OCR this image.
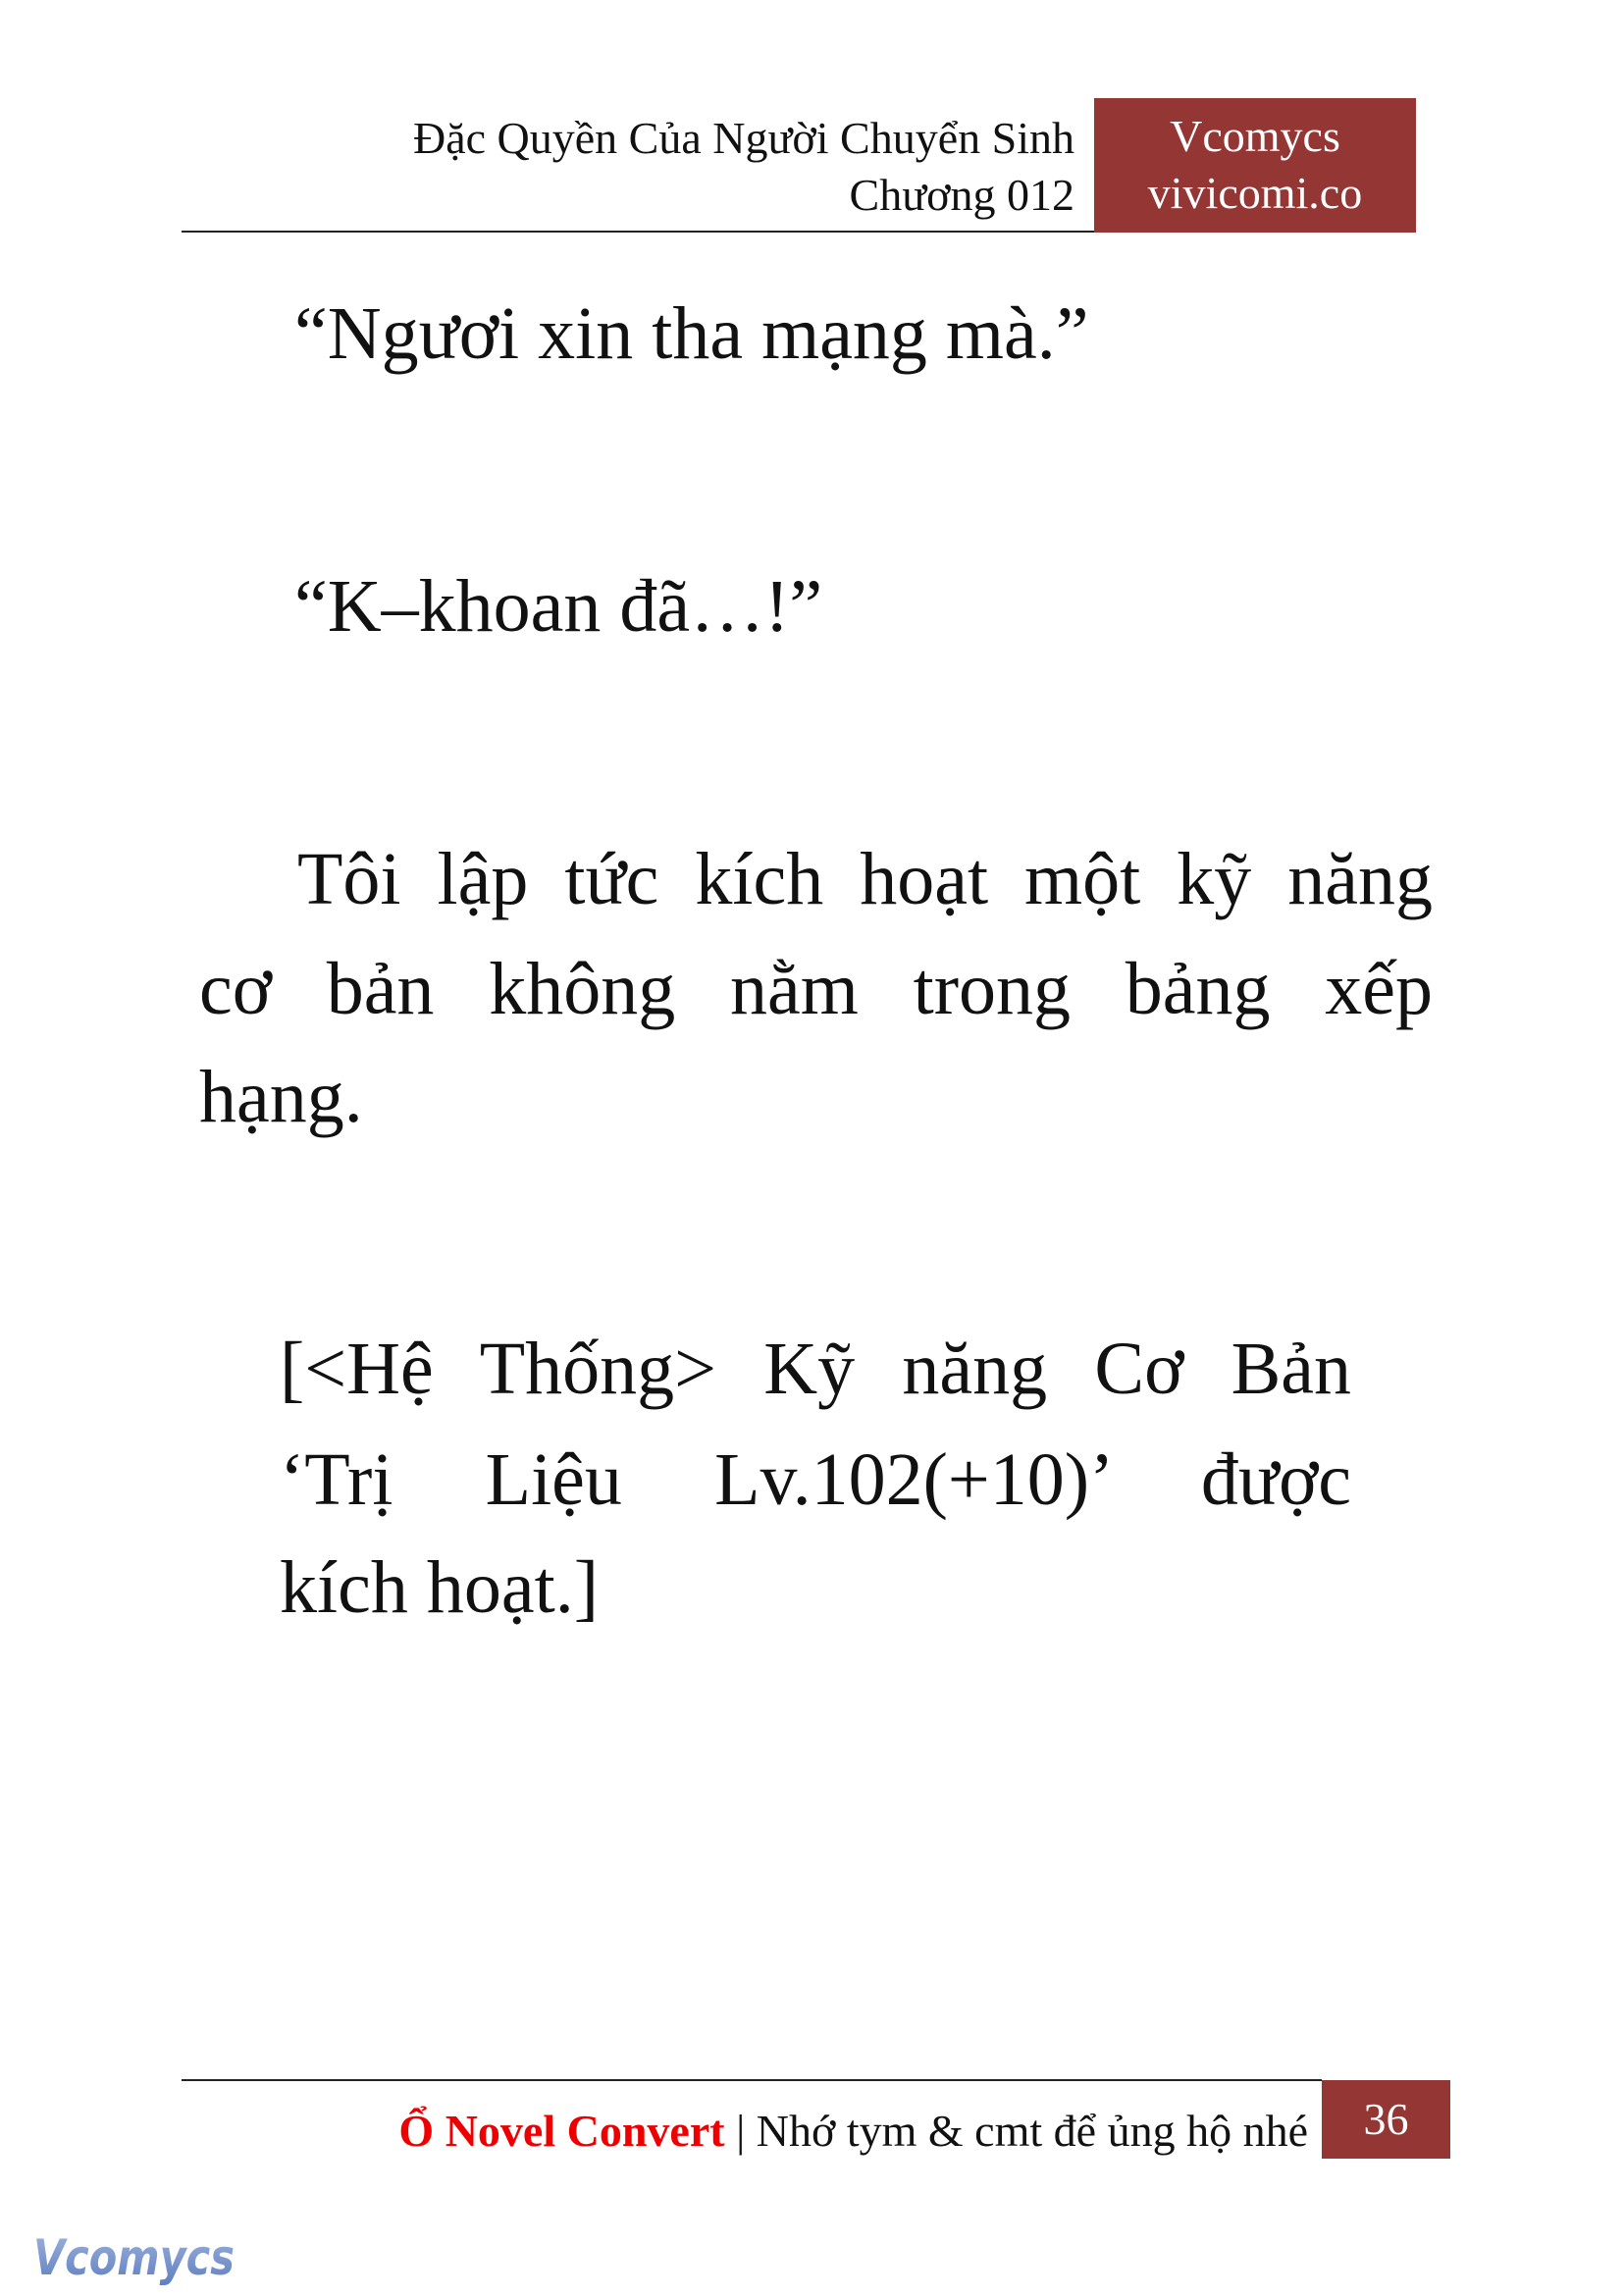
Đặc Quyền Của Người Chuyển Sinh
Chương 012
Vcomycs
vivicomi.co
“Ngươi xin tha mạng mà.”
“K–khoan đã…!”
Tôi lập tức kích hoạt một kỹ năng
cơ bản không nằm trong bảng xếp
hạng.
[<Hệ Thống> Kỹ năng Cơ Bản
‘Trị Liệu Lv.102(+10)’ được
kích hoạt.]
Ổ Novel Convert | Nhớ tym & cmt để ủng hộ nhé	36
Vcomycs
